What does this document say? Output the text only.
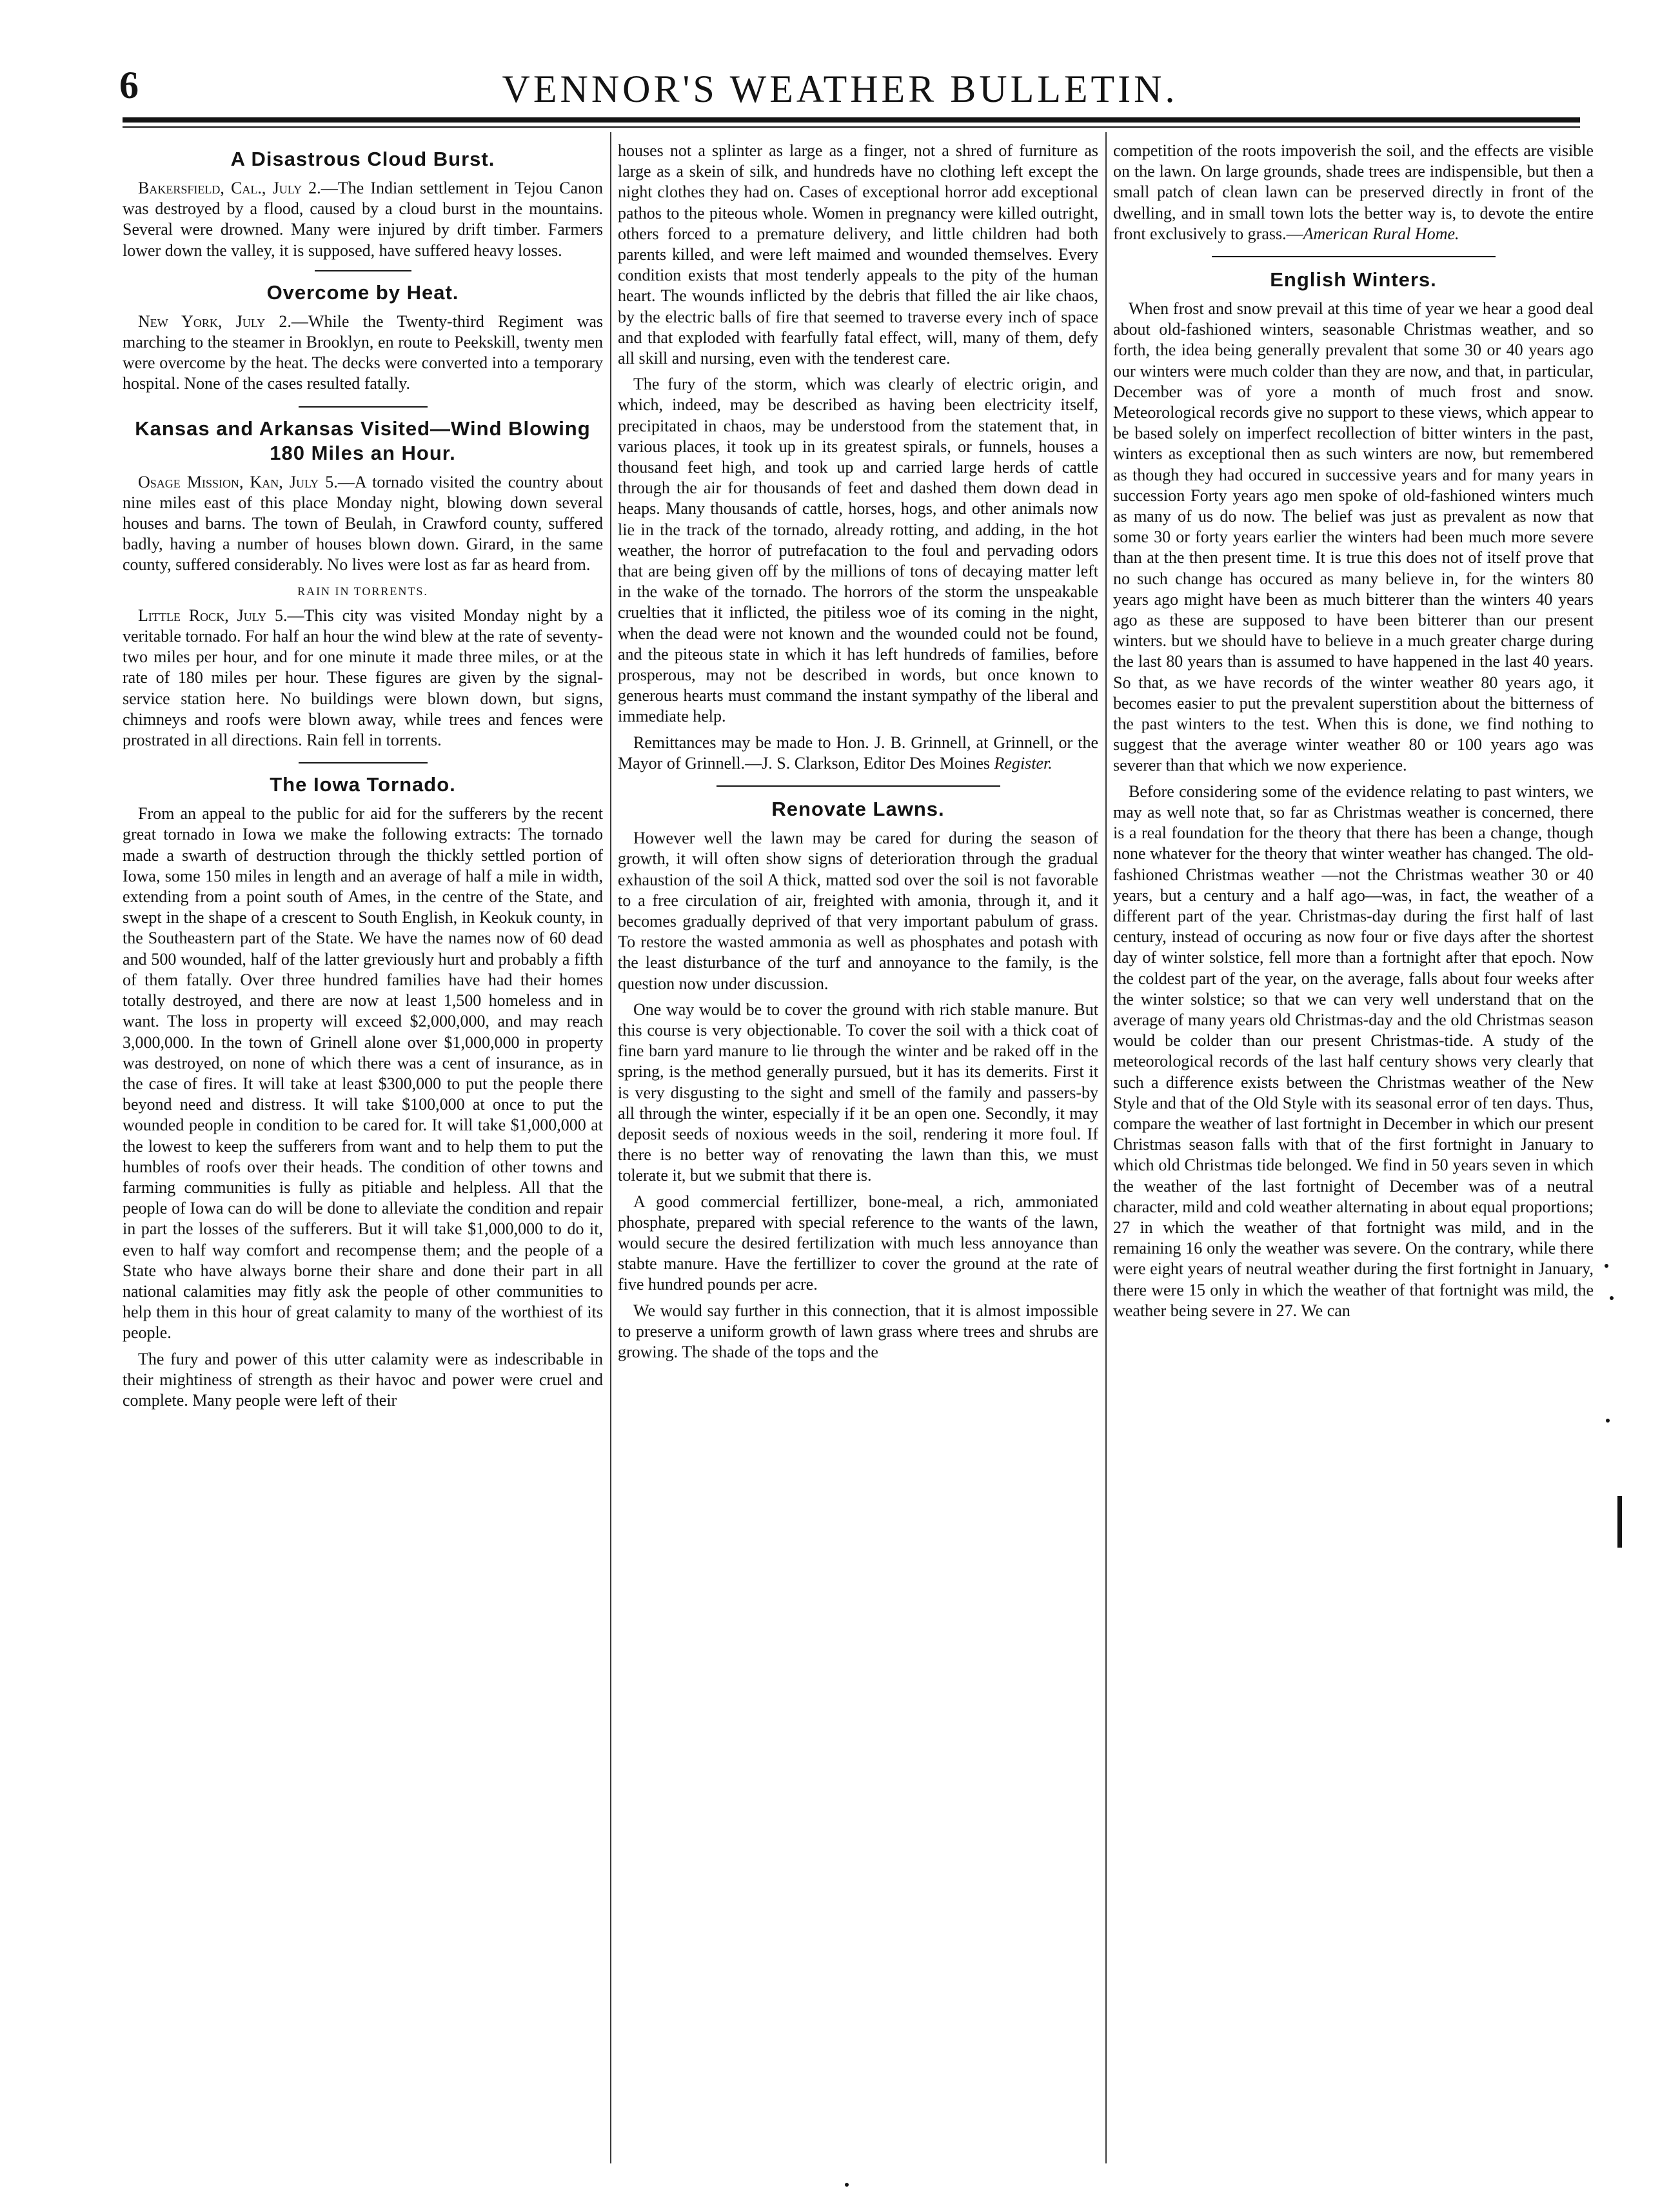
6	VENNOR'S WEATHER BULLETIN.
A Disastrous Cloud Burst.

Bakersfield, Cal., July 2.—The Indian settlement in Tejou Canon was destroyed by a flood, caused by a cloud burst in the mountains. Several were drowned. Many were injured by drift timber. Farmers lower down the valley, it is supposed, have suffered heavy losses.

Overcome by Heat.

New York, July 2.—While the Twenty-third Regiment was marching to the steamer in Brooklyn, en route to Peekskill, twenty men were overcome by the heat. The decks were converted into a temporary hospital. None of the cases resulted fatally.

Kansas and Arkansas Visited—Wind Blowing 180 Miles an Hour.

Osage Mission, Kan, July 5.—A tornado visited the country about nine miles east of this place Monday night, blowing down several houses and barns. The town of Beulah, in Crawford county, suffered badly, having a number of houses blown down. Girard, in the same county, suffered considerably. No lives were lost as far as heard from.

RAIN IN TORRENTS.

Little Rock, July 5.—This city was visited Monday night by a veritable tornado. For half an hour the wind blew at the rate of seventy-two miles per hour, and for one minute it made three miles, or at the rate of 180 miles per hour. These figures are given by the signal-service station here. No buildings were blown down, but signs, chimneys and roofs were blown away, while trees and fences were prostrated in all directions. Rain fell in torrents.

The Iowa Tornado.

From an appeal to the public for aid for the sufferers by the recent great tornado in Iowa we make the following extracts: The tornado made a swarth of destruction through the thickly settled portion of Iowa, some 150 miles in length and an average of half a mile in width, extending from a point south of Ames, in the centre of the State, and swept in the shape of a crescent to South English, in Keokuk county, in the Southeastern part of the State. We have the names now of 60 dead and 500 wounded, half of the latter greviously hurt and probably a fifth of them fatally. Over three hundred families have had their homes totally destroyed, and there are now at least 1,500 homeless and in want. The loss in property will exceed $2,000,000, and may reach 3,000,000. In the town of Grinell alone over $1,000,000 in property was destroyed, on none of which there was a cent of insurance, as in the case of fires. It will take at least $300,000 to put the people there beyond need and distress. It will take $100,000 at once to put the wounded people in condition to be cared for. It will take $1,000,000 at the lowest to keep the sufferers from want and to help them to put the humbles of roofs over their heads. The condition of other towns and farming communities is fully as pitiable and helpless. All that the people of Iowa can do will be done to alleviate the condition and repair in part the losses of the sufferers. But it will take $1,000,000 to do it, even to half way comfort and recompense them; and the people of a State who have always borne their share and done their part in all national calamities may fitly ask the people of other communities to help them in this hour of great calamity to many of the worthiest of its people.

The fury and power of this utter calamity were as indescribable in their mightiness of strength as their havoc and power were cruel and complete. Many people were left of their

houses not a splinter as large as a finger, not a shred of furniture as large as a skein of silk, and hundreds have no clothing left except the night clothes they had on. Cases of exceptional horror add exceptional pathos to the piteous whole. Women in pregnancy were killed outright, others forced to a premature delivery, and little children had both parents killed, and were left maimed and wounded themselves. Every condition exists that most tenderly appeals to the pity of the human heart. The wounds inflicted by the debris that filled the air like chaos, by the electric balls of fire that seemed to traverse every inch of space and that exploded with fearfully fatal effect, will, many of them, defy all skill and nursing, even with the tenderest care.

The fury of the storm, which was clearly of electric origin, and which, indeed, may be described as having been electricity itself, precipitated in chaos, may be understood from the statement that, in various places, it took up in its greatest spirals, or funnels, houses a thousand feet high, and took up and carried large herds of cattle through the air for thousands of feet and dashed them down dead in heaps. Many thousands of cattle, horses, hogs, and other animals now lie in the track of the tornado, already rotting, and adding, in the hot weather, the horror of putrefacation to the foul and pervading odors that are being given off by the millions of tons of decaying matter left in the wake of the tornado. The horrors of the storm the unspeakable cruelties that it inflicted, the pitiless woe of its coming in the night, when the dead were not known and the wounded could not be found, and the piteous state in which it has left hundreds of families, before prosperous, may not be described in words, but once known to generous hearts must command the instant sympathy of the liberal and immediate help.

Remittances may be made to Hon. J. B. Grinnell, at Grinnell, or the Mayor of Grinnell.—J. S. Clarkson, Editor Des Moines Register.

Renovate Lawns.

However well the lawn may be cared for during the season of growth, it will often show signs of deterioration through the gradual exhaustion of the soil A thick, matted sod over the soil is not favorable to a free circulation of air, freighted with amonia, through it, and it becomes gradually deprived of that very important pabulum of grass. To restore the wasted ammonia as well as phosphates and potash with the least disturbance of the turf and annoyance to the family, is the question now under discussion.

One way would be to cover the ground with rich stable manure. But this course is very objectionable. To cover the soil with a thick coat of fine barn yard manure to lie through the winter and be raked off in the spring, is the method generally pursued, but it has its demerits. First it is very disgusting to the sight and smell of the family and passers-by all through the winter, especially if it be an open one. Secondly, it may deposit seeds of noxious weeds in the soil, rendering it more foul. If there is no better way of renovating the lawn than this, we must tolerate it, but we submit that there is.

A good commercial fertillizer, bone-meal, a rich, ammoniated phosphate, prepared with special reference to the wants of the lawn, would secure the desired fertilization with much less annoyance than stabte manure. Have the fertillizer to cover the ground at the rate of five hundred pounds per acre.

We would say further in this connection, that it is almost impossible to preserve a uniform growth of lawn grass where trees and shrubs are growing. The shade of the tops and the

competition of the roots impoverish the soil, and the effects are visible on the lawn. On large grounds, shade trees are indispensible, but then a small patch of clean lawn can be preserved directly in front of the dwelling, and in small town lots the better way is, to devote the entire front exclusively to grass.—American Rural Home.

English Winters.

When frost and snow prevail at this time of year we hear a good deal about old-fashioned winters, seasonable Christmas weather, and so forth, the idea being generally prevalent that some 30 or 40 years ago our winters were much colder than they are now, and that, in particular, December was of yore a month of much frost and snow. Meteorological records give no support to these views, which appear to be based solely on imperfect recollection of bitter winters in the past, winters as exceptional then as such winters are now, but remembered as though they had occured in successive years and for many years in succession Forty years ago men spoke of old-fashioned winters much as many of us do now. The belief was just as prevalent as now that some 30 or forty years earlier the winters had been much more severe than at the then present time. It is true this does not of itself prove that no such change has occured as many believe in, for the winters 80 years ago might have been as much bitterer than the winters 40 years ago as these are supposed to have been bitterer than our present winters. but we should have to believe in a much greater charge during the last 80 years than is assumed to have happened in the last 40 years. So that, as we have records of the winter weather 80 years ago, it becomes easier to put the prevalent superstition about the bitterness of the past winters to the test. When this is done, we find nothing to suggest that the average winter weather 80 or 100 years ago was severer than that which we now experience.

Before considering some of the evidence relating to past winters, we may as well note that, so far as Christmas weather is concerned, there is a real foundation for the theory that there has been a change, though none whatever for the theory that winter weather has changed. The old-fashioned Christmas weather —not the Christmas weather 30 or 40 years, but a century and a half ago—was, in fact, the weather of a different part of the year. Christmas-day during the first half of last century, instead of occuring as now four or five days after the shortest day of winter solstice, fell more than a fortnight after that epoch. Now the coldest part of the year, on the average, falls about four weeks after the winter solstice; so that we can very well understand that on the average of many years old Christmas-day and the old Christmas season would be colder than our present Christmas-tide. A study of the meteorological records of the last half century shows very clearly that such a difference exists between the Christmas weather of the New Style and that of the Old Style with its seasonal error of ten days. Thus, compare the weather of last fortnight in December in which our present Christmas season falls with that of the first fortnight in January to which old Christmas tide belonged. We find in 50 years seven in which the weather of the last fortnight of December was of a neutral character, mild and cold weather alternating in about equal proportions; 27 in which the weather of that fortnight was mild, and in the remaining 16 only the weather was severe. On the contrary, while there were eight years of neutral weather during the first fortnight in January, there were 15 only in which the weather of that fortnight was mild, the weather being severe in 27. We can
